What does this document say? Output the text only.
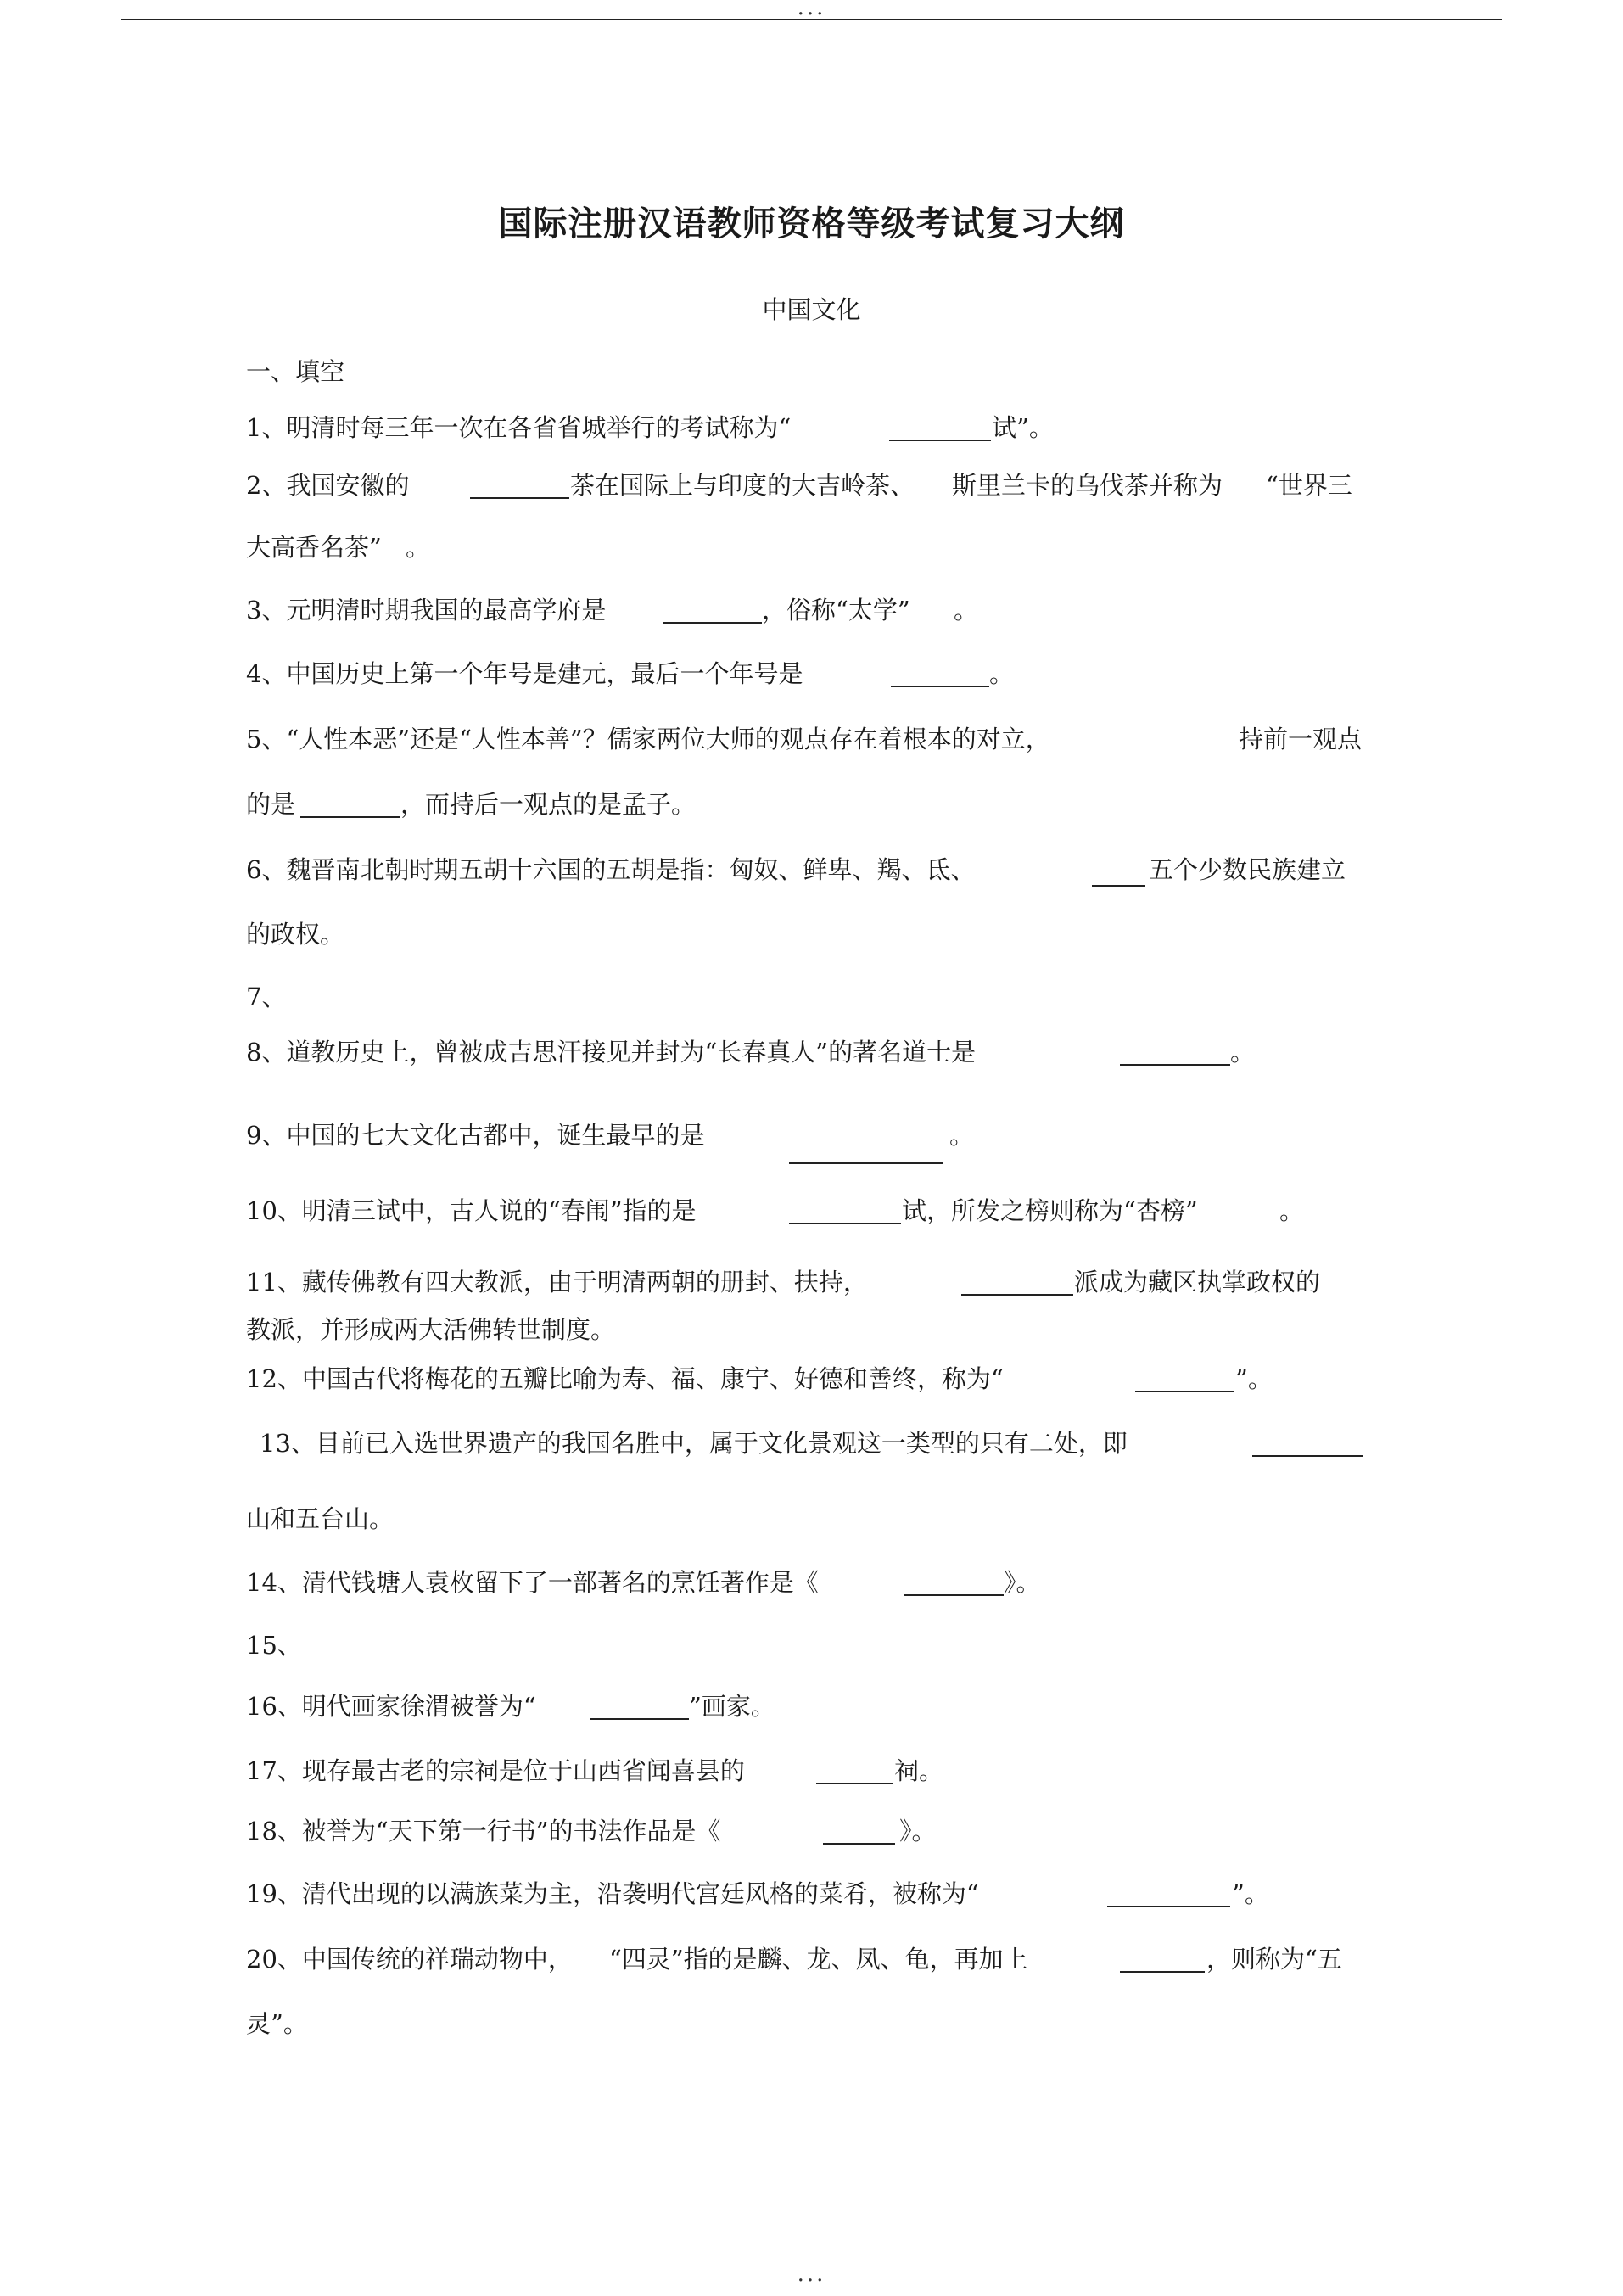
...
国际注册汉语教师资格等级考试复习大纲
中国文化
一、填空
1、明清时每三年一次在各省省城举行的考试称为“	试”。
2、我国安徽的	茶在国际上与印度的大吉岭茶、 斯里兰卡的乌伐茶并称为 “世界三
大高香名茶” 。
3、元明清时期我国的最高学府是	，俗称“太学” 。
4、中国历史上第一个年号是建元，最后一个年号是	。
5、“人性本恶”还是“人性本善”？儒家两位大师的观点存在着根本的对立，	持前一观点
的是	，而持后一观点的是孟子。
6、魏晋南北朝时期五胡十六国的五胡是指：匈奴、鲜卑、羯、氐、	五个少数民族建立
的政权。
7、
8、道教历史上，曾被成吉思汗接见并封为“长春真人”的著名道士是	。
9、中国的七大文化古都中，诞生最早的是	。
10、明清三试中，古人说的“春闱”指的是	试，所发之榜则称为“杏榜”	。
11、藏传佛教有四大教派，由于明清两朝的册封、扶持，	派成为藏区执掌政权的
教派，并形成两大活佛转世制度。
12、中国古代将梅花的五瓣比喻为寿、福、康宁、好德和善终，称为“	”。
13、目前已入选世界遗产的我国名胜中，属于文化景观这一类型的只有二处，即
山和五台山。
14、清代钱塘人袁枚留下了一部著名的烹饪著作是《	》。
15、
16、明代画家徐渭被誉为“	”画家。
17、现存最古老的宗祠是位于山西省闻喜县的	祠。
18、被誉为“天下第一行书”的书法作品是《	》。
19、清代出现的以满族菜为主，沿袭明代宫廷风格的菜肴，被称为“	”。
20、中国传统的祥瑞动物中， “四灵”指的是麟、龙、凤、龟，再加上	，则称为“五
灵”。
...
